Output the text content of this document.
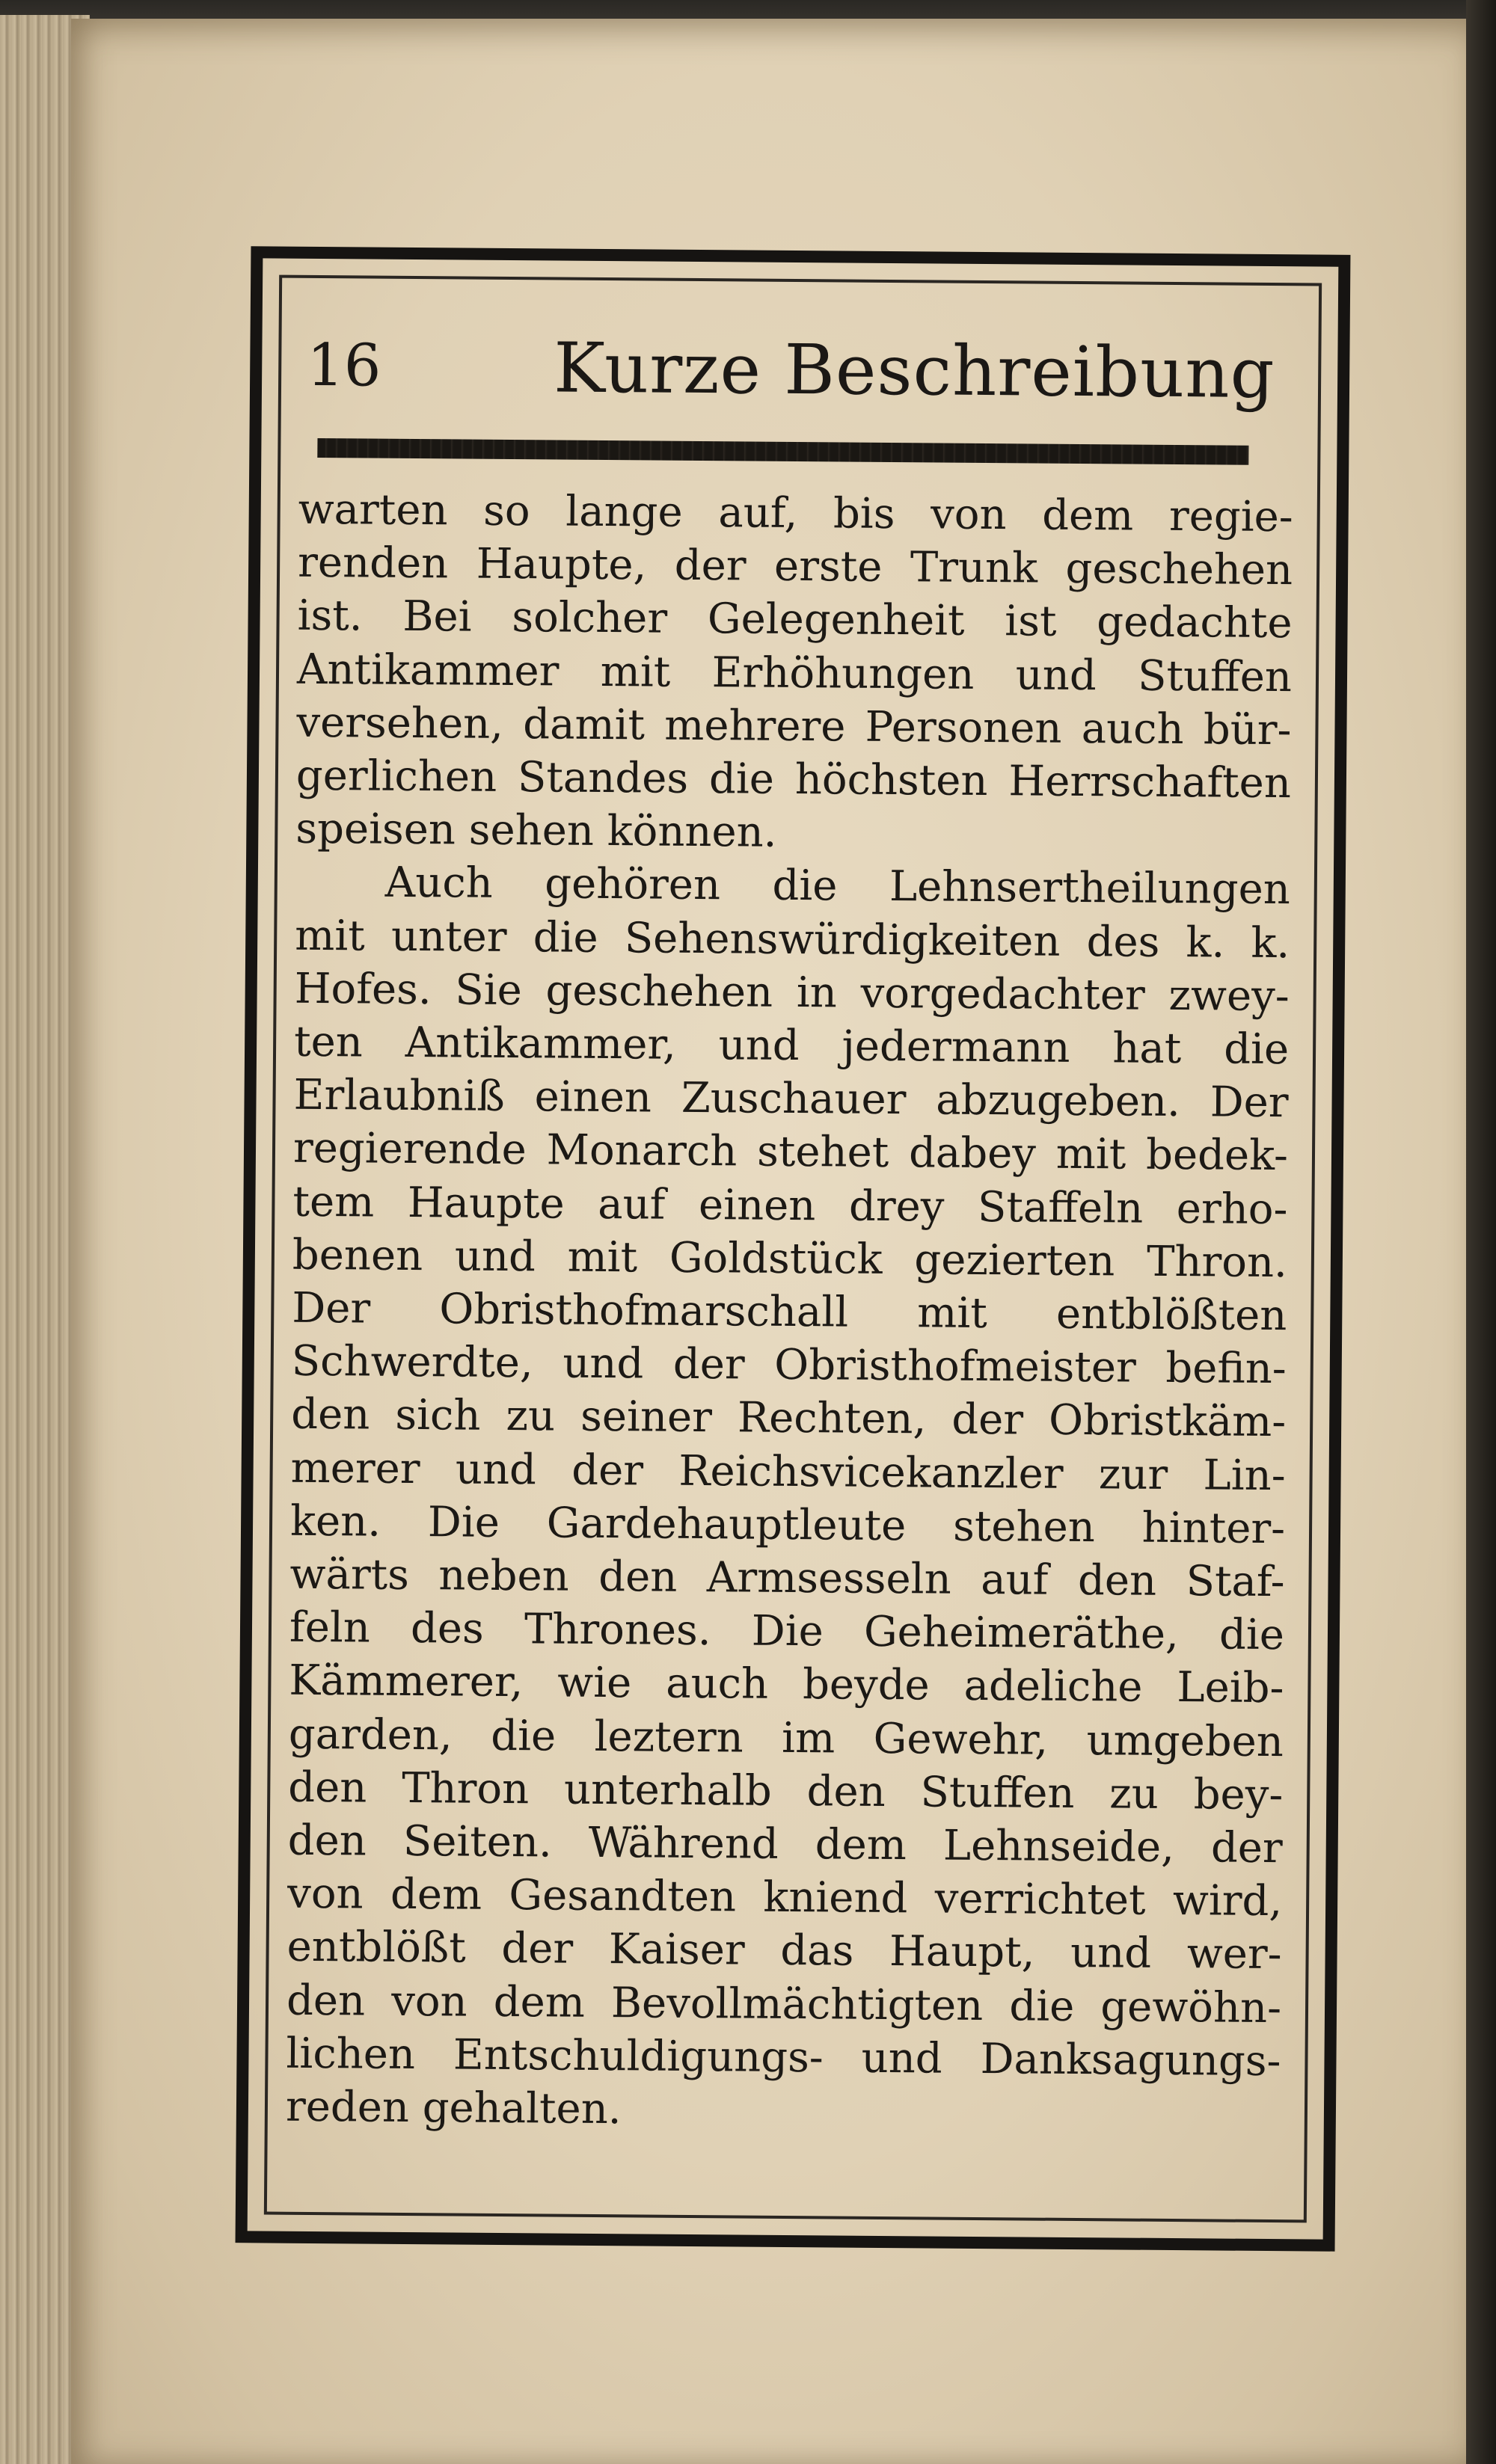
16 Kurze Beschreibung
warten so lange auf, bis von dem regie-
renden Haupte, der erste Trunk geschehen
ist. Bei solcher Gelegenheit ist gedachte
Antikammer mit Erhöhungen und Stuffen
versehen, damit mehrere Personen auch bür-
gerlichen Standes die höchsten Herrschaften
speisen sehen können.
Auch gehören die Lehnsertheilungen
mit unter die Sehenswürdigkeiten des k. k.
Hofes. Sie geschehen in vorgedachter zwey-
ten Antikammer, und jedermann hat die
Erlaubniß einen Zuschauer abzugeben. Der
regierende Monarch stehet dabey mit bedek-
tem Haupte auf einen drey Staffeln erho-
benen und mit Goldstück gezierten Thron.
Der Obristhofmarschall mit entblößten
Schwerdte, und der Obristhofmeister befin-
den sich zu seiner Rechten, der Obristkäm-
merer und der Reichsvicekanzler zur Lin-
ken. Die Gardehauptleute stehen hinter-
wärts neben den Armsesseln auf den Staf-
feln des Thrones. Die Geheimeräthe, die
Kämmerer, wie auch beyde adeliche Leib-
garden, die leztern im Gewehr, umgeben
den Thron unterhalb den Stuffen zu bey-
den Seiten. Während dem Lehnseide, der
von dem Gesandten kniend verrichtet wird,
entblößt der Kaiser das Haupt, und wer-
den von dem Bevollmächtigten die gewöhn-
lichen Entschuldigungs- und Danksagungs-
reden gehalten.
